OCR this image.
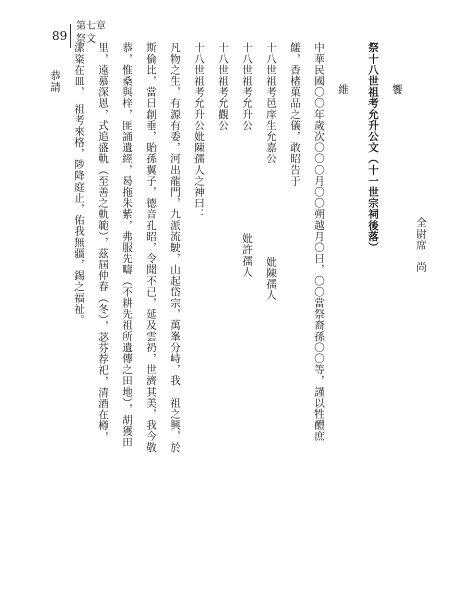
89
第七章
祭文
全尉席　尚
饗
祭十八世祖考允升公文（十一世宗祠後落）
維
中華民國〇〇年歲次〇〇〇月〇〇朔越月〇日，〇〇當祭裔孫〇〇等，謹以牲醴庶
饈，香楮菓品之儀，敢昭告于
十八世祖考邑庠生允嘉公妣陳孺人
十八世祖考允升公妣許孺人
十八世祖考允觀公
十八世祖考允升公妣陳孺人之神曰：
凡物之生，有源有委，河出龍門，九派流駛，山起岱宗，萬峯分峙，我　祖之興，於
斯倫比，當日創垂，貽孫翼子，德音孔昭，令聞不已，延及雲礽，世濟其美，我今敬
恭，惟桑與梓，匪誦遺經，曷拖朱紫，弗服先疇（不耕先祖所遺傳之田地），胡獲田
里，遠慕深恩，式追盛軌（至善之軌範），茲屆仲春（冬），苾芬荐祀，清酒在樽，
潔粢在皿，　祖考來格，陟降庭止，佑我無疆，錫之福祉。
恭請
